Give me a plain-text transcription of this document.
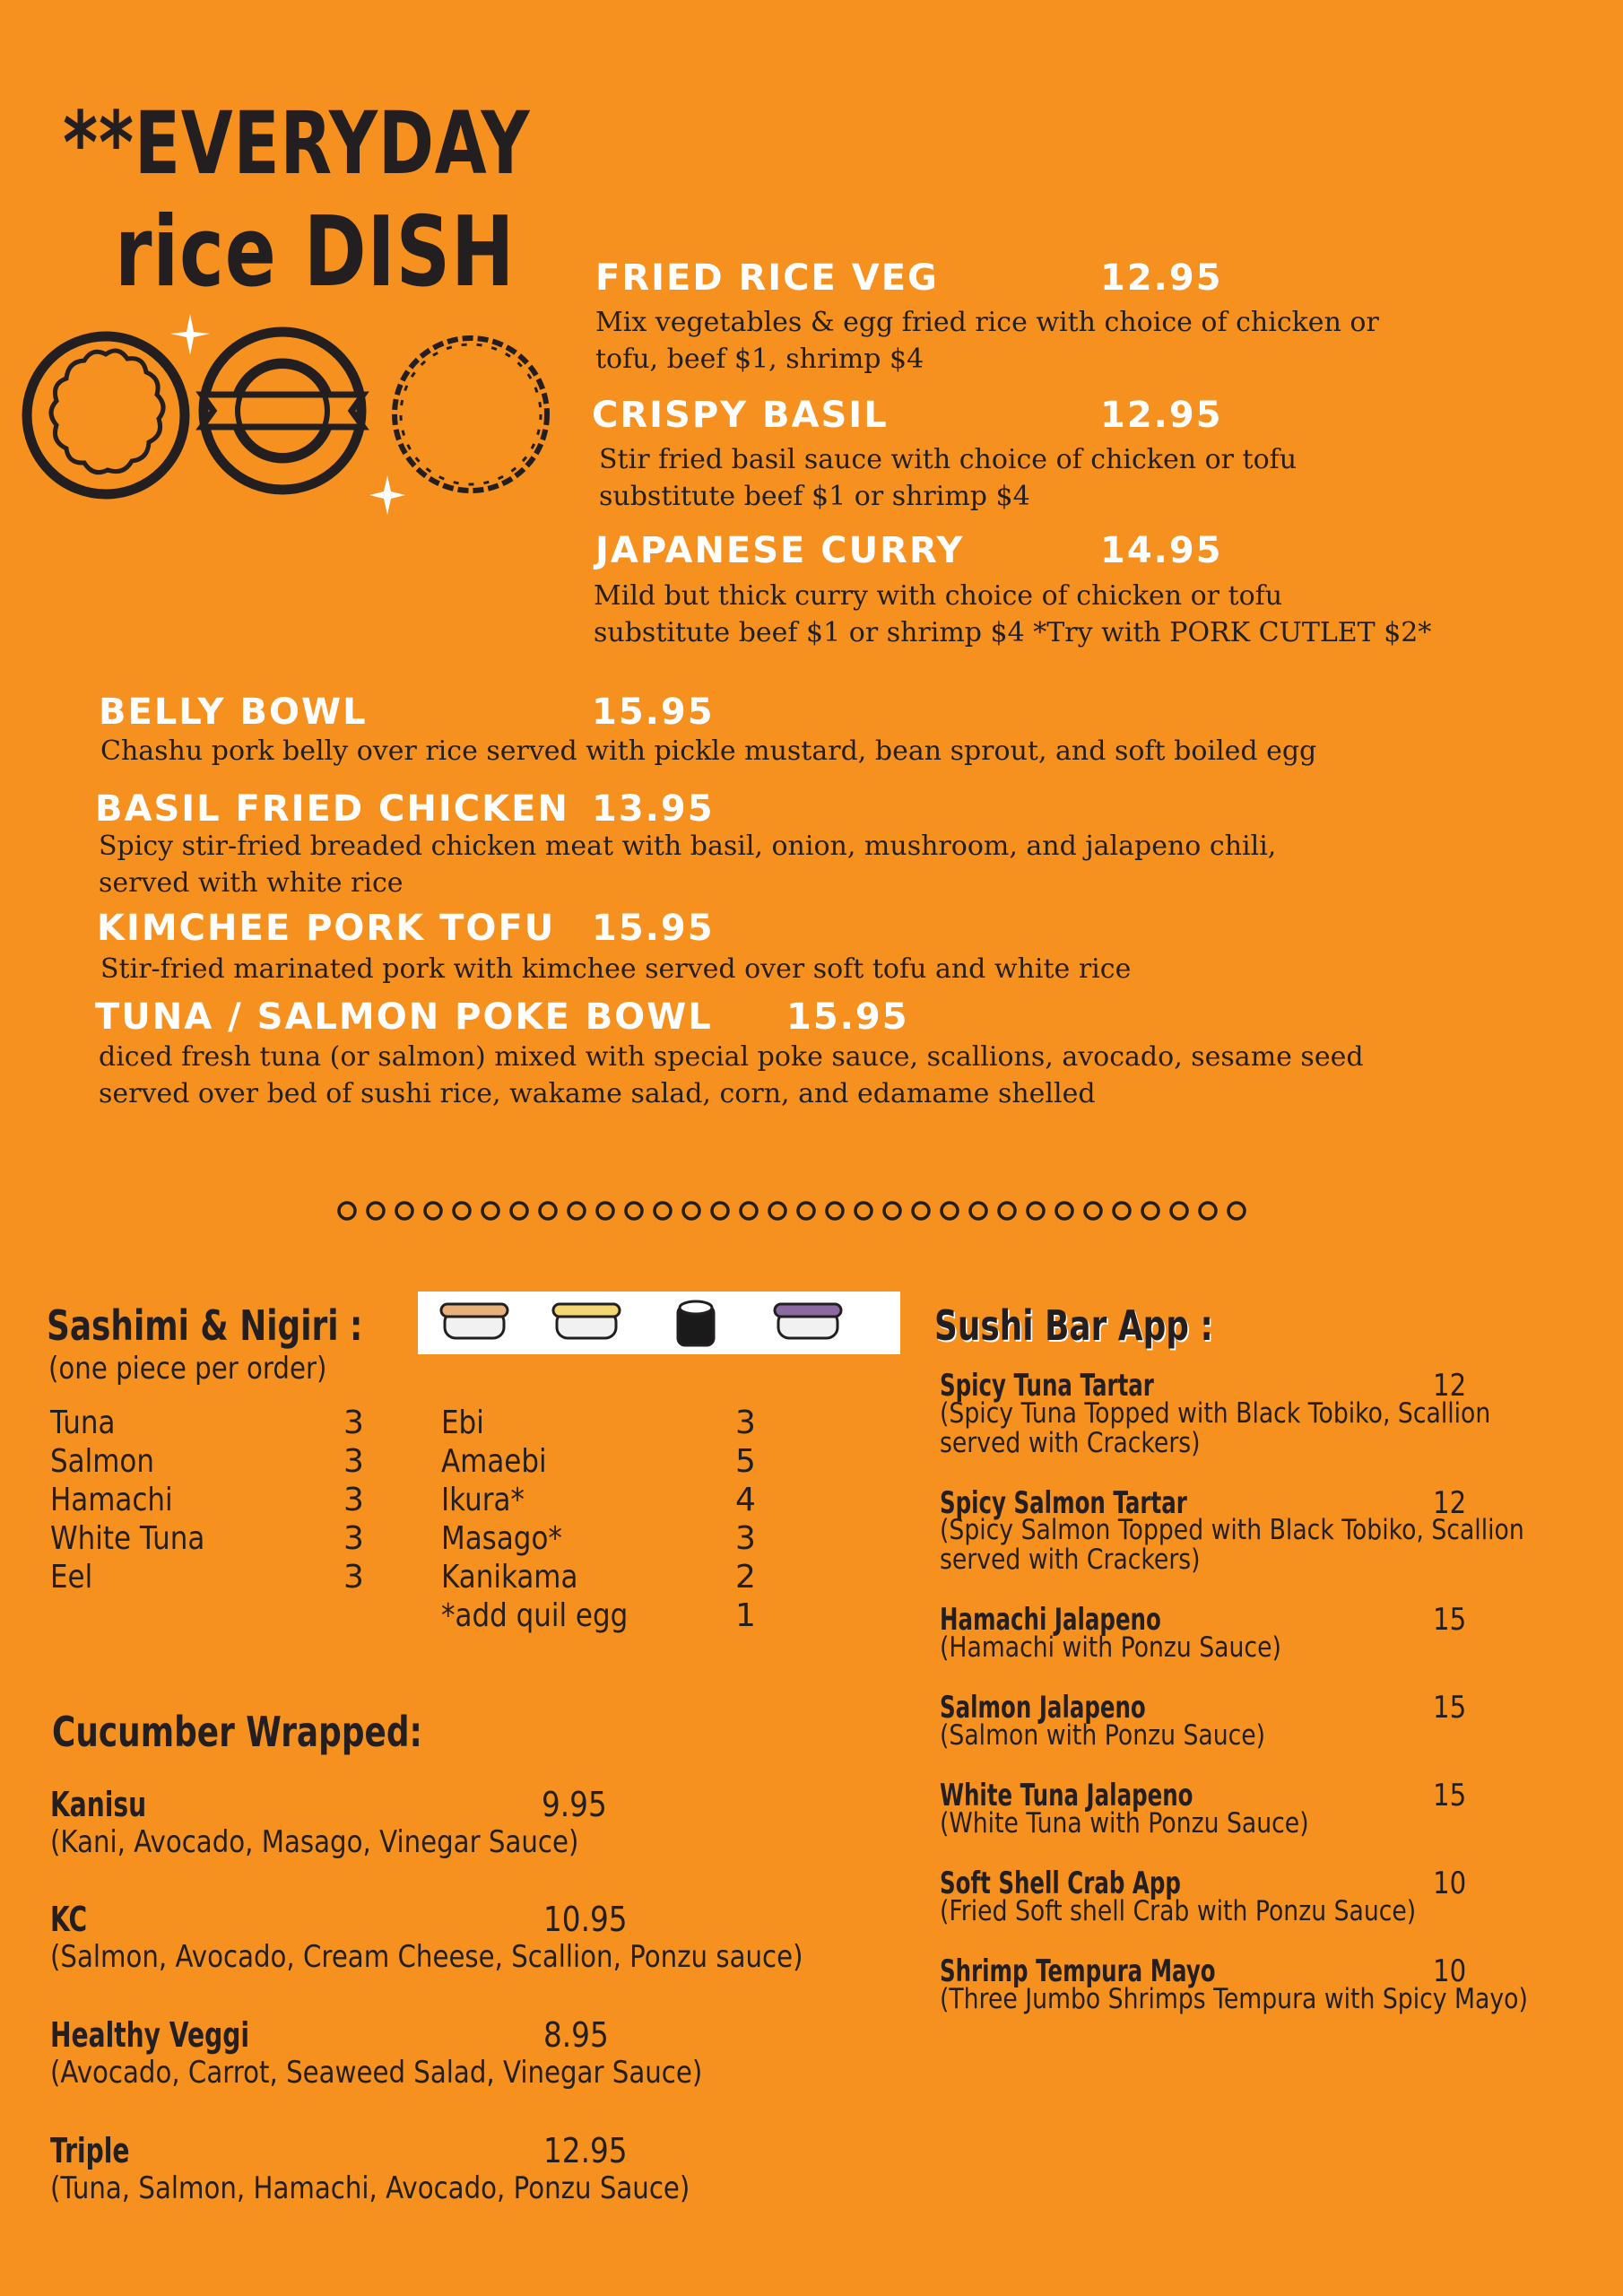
**EVERYDAY
rice DISH FRIED RICE VEG	12.95
Mix vegetables & egg fried rice with choice of chicken or
tofu, beef $1, shrimp $4
CRISPY BASIL	12.95
Stir fried basil sauce with choice of chicken or tofu
substitute beef $1 or shrimp $4
JAPANESE CURRY	14.95
Mild but thick curry with choice of chicken or tofu
substitute beef $1 or shrimp $4 *Try with PORK CUTLET $2*
BELLY BOWL	15.95
Chashu pork belly over rice served with pickle mustard, bean sprout, and soft boiled egg
BASIL FRIED CHICKEN 13.95
Spicy stir-fried breaded chicken meat with basil, onion, mushroom, and jalapeno chili,
served with white rice
KIMCHEE PORK TOFU 15.95
Stir-fried marinated pork with kimchee served over soft tofu and white rice
TUNA / SALMON POKE BOWL 15.95
diced fresh tuna (or salmon) mixed with special poke sauce, scallions, avocado, sesame seed
served over bed of sushi rice, wakame salad, corn, and edamame shelled
Sashimi & Nigiri :
(one piece per order)
Tuna	3
Salmon	3
Hamachi	3
White Tuna	3
Eel	3
Ebi	3
Amaebi	5
Ikura*	4
Masago*	3
Kanikama	2
*add quil egg	1
Cucumber Wrapped:
Kanisu	9.95
(Kani, Avocado, Masago, Vinegar Sauce)
KC	10.95
(Salmon, Avocado, Cream Cheese, Scallion, Ponzu sauce)
Healthy Veggi	8.95
(Avocado, Carrot, Seaweed Salad, Vinegar Sauce)
Triple	12.95
(Tuna, Salmon, Hamachi, Avocado, Ponzu Sauce)
Sushi Bar App :
Spicy Tuna Tartar	12
(Spicy Tuna Topped with Black Tobiko, Scallion
served with Crackers)
Spicy Salmon Tartar	12
(Spicy Salmon Topped with Black Tobiko, Scallion
served with Crackers)
Hamachi Jalapeno	15
(Hamachi with Ponzu Sauce)
Salmon Jalapeno	15
(Salmon with Ponzu Sauce)
White Tuna Jalapeno	15
(White Tuna with Ponzu Sauce)
Soft Shell Crab App	10
(Fried Soft shell Crab with Ponzu Sauce)
Shrimp Tempura Mayo	10
(Three Jumbo Shrimps Tempura with Spicy Mayo)
